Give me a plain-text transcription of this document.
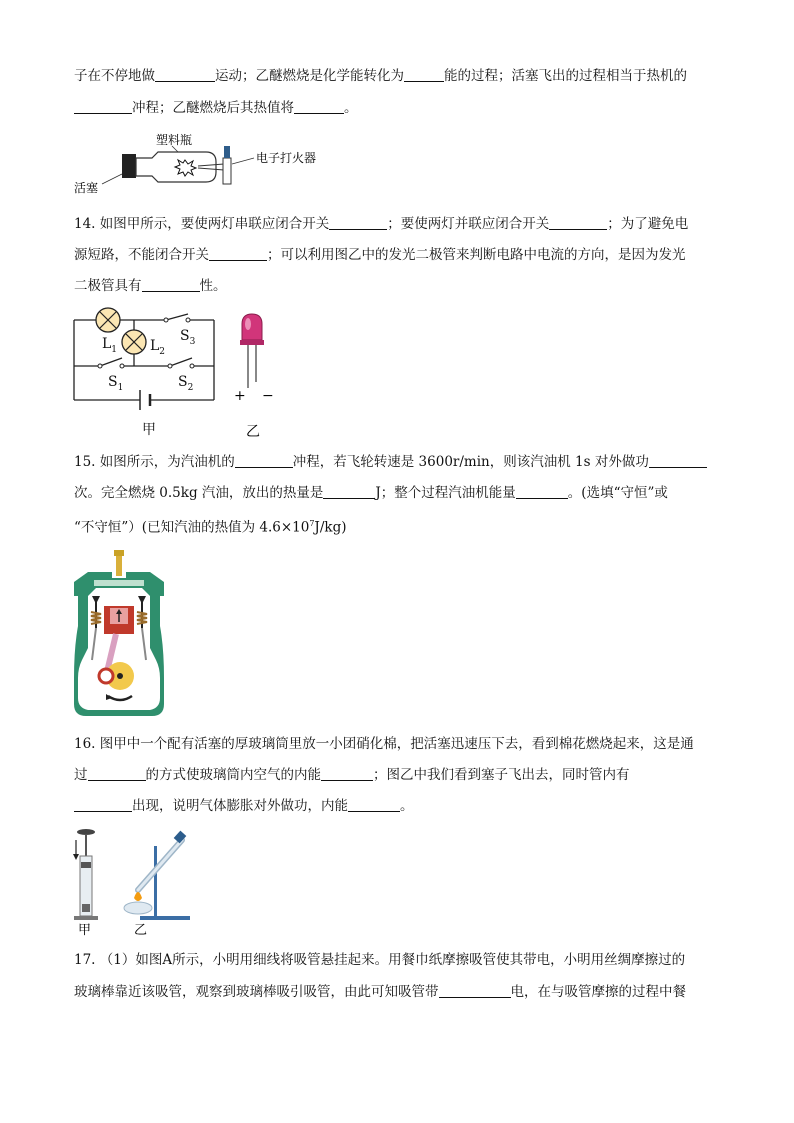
子在不停地做	运动；乙醚燃烧是化学能转化为	能的过程；活塞飞出的过程相当于热机的
冲程；乙醚燃烧后其热值将	。
塑料瓶
电子打火器
活塞
14. 如图甲所示，要使两灯串联应闭合开关	；要使两灯并联应闭合开关	；为了避免电
源短路，不能闭合开关	；可以利用图乙中的发光二极管来判断电路中电流的方向，是因为发光
二极管具有	性。
$L_1$ $L_2$
$S_3$
$S_1$	$S_2$
甲
+ −
乙
15. 如图所示，为汽油机的	冲程，若飞轮转速是 3600r/min，则该汽油机 1s 对外做功
次。完全燃烧 0.5kg 汽油，放出的热量是	J；整个过程汽油机能量	。(选填“守恒”或
“不守恒”）(已知汽油的热值为 $4.6\times 10^7J/kg$)
16. 图甲中一个配有活塞的厚玻璃筒里放一小团硝化棉，把活塞迅速压下去，看到棉花燃烧起来，这是通
过	的方式使玻璃筒内空气的内能	；图乙中我们看到塞子飞出去，同时管内有
出现，说明气体膨胀对外做功，内能	。
甲	乙
17. （1）如图A所示，小明用细线将吸管悬挂起来。用餐巾纸摩擦吸管使其带电，小明用丝绸摩擦过的
玻璃棒靠近该吸管，观察到玻璃棒吸引吸管，由此可知吸管带	电，在与吸管摩擦的过程中餐
